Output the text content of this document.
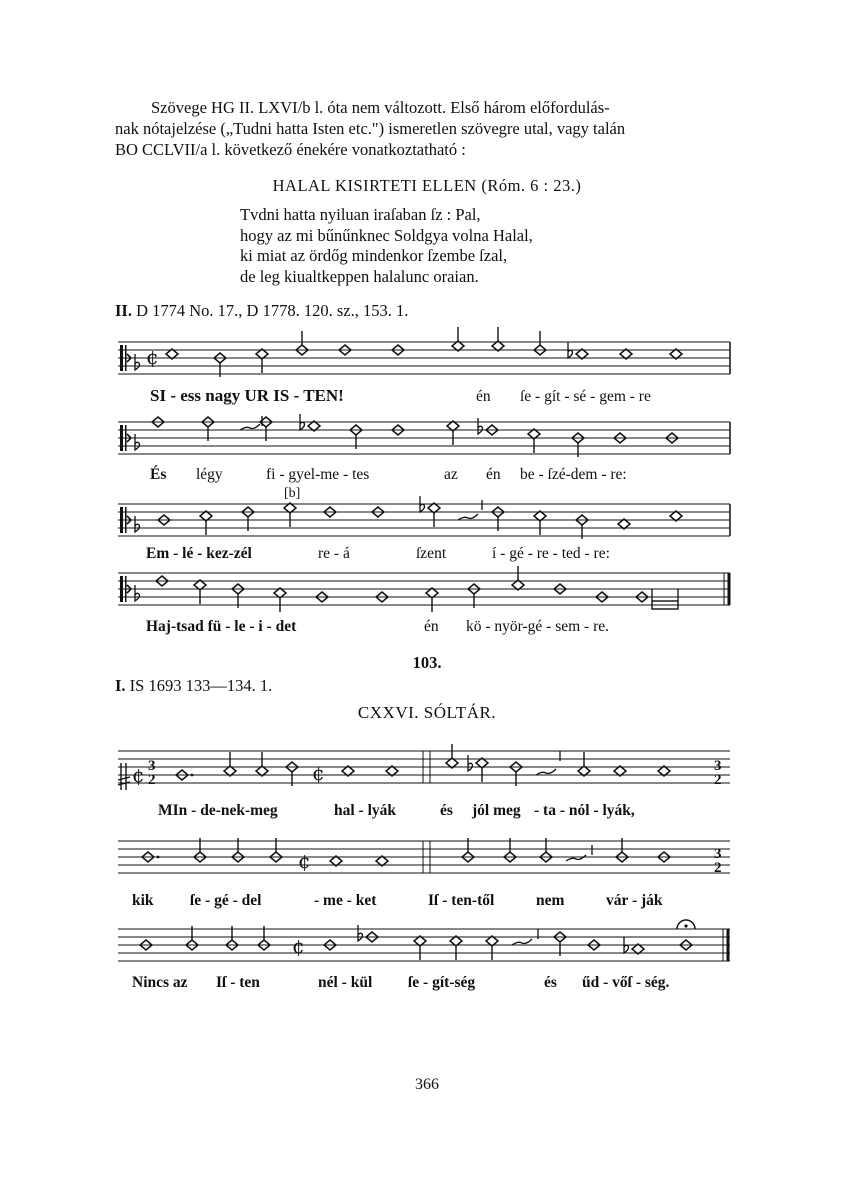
Szövege HG II. LXVI/b l. óta nem változott. Első három előfordulás-
nak nótajelzése („Tudni hatta Isten etc.") ismeretlen szövegre utal, vagy talán
BO CCLVII/a l. következő énekére vonatkoztatható :
HALAL KISIRTETI ELLEN (Róm. 6 : 23.)
Tvdni hatta nyiluan iraſaban ſz : Pal,
hogy az mi bűnűnknec Soldgya volna Halal,
ki miat az ördőg mindenkor ſzembe ſzal,
de leg kiualtkeppen halalunc oraian.
II. D 1774 No. 17., D 1778. 120. sz., 153. 1.
¢
[b]
¢ 3
2	¢	3
2
¢	3
2
¢
SI - ess nagy UR IS - TEN!	én ſe - gít - sé - gem - re
És légy	fi - gyel-me - tes	az én be - ſzé-dem - re:
Em - lé - kez-zél	re - á	ſzent	í - gé - re - ted - re:
Haj-tsad fü - le - i - det	én kö - nyör-gé - sem - re.
103.
I. IS 1693 133—134. 1.
CXXVI. SÓLTÁR.
MIn - de-nek-meg	hal - lyák	és jól meg - ta - nól - lyák,
kik ſe - gé - del	- me - ket	Iſ - ten-től	nem	vár - ják
Nincs az Iſ - ten	nél - kül ſe - gít-ség	és űd - vőſ - ség.
366
